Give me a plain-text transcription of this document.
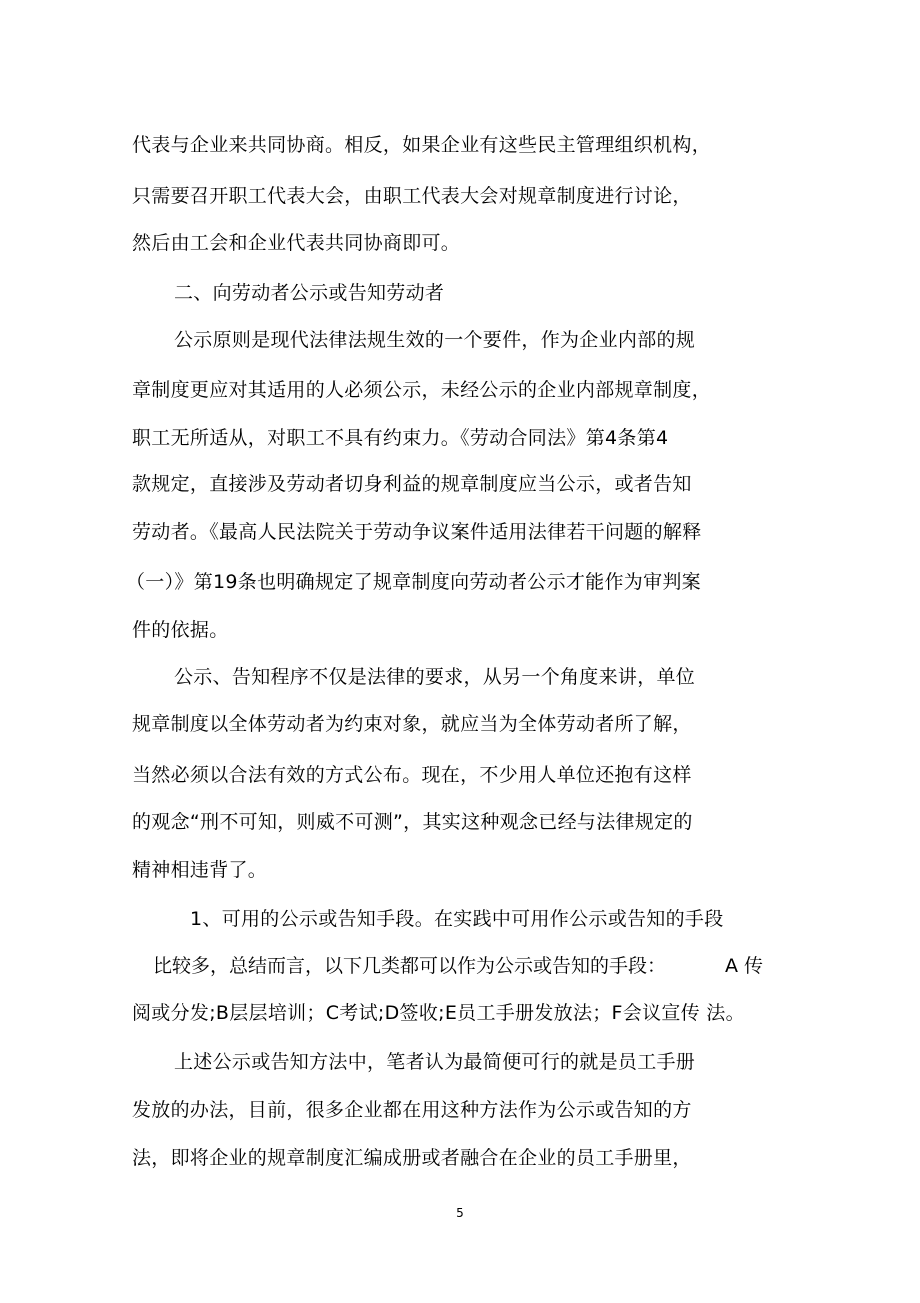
代表与企业来共同协商。相反，如果企业有这些民主管理组织机构，
只需要召开职工代表大会，由职工代表大会对规章制度进行讨论，
然后由工会和企业代表共同协商即可。
二、向劳动者公示或告知劳动者
公示原则是现代法律法规生效的一个要件，作为企业内部的规
章制度更应对其适用的人必须公示，未经公示的企业内部规章制度，
职工无所适从，对职工不具有约束力。《劳动合同法》第4条第4
款规定，直接涉及劳动者切身利益的规章制度应当公示，或者告知
劳动者。《最高人民法院关于劳动争议案件适用法律若干问题的解释
（一）》第19条也明确规定了规章制度向劳动者公示才能作为审判案
件的依据。
公示、告知程序不仅是法律的要求，从另一个角度来讲，单位
规章制度以全体劳动者为约束对象，就应当为全体劳动者所了解，
当然必须以合法有效的方式公布。现在，不少用人单位还抱有这样
的观念“刑不可知，则威不可测”，其实这种观念已经与法律规定的
精神相违背了。
1、可用的公示或告知手段。在实践中可用作公示或告知的手段
比较多，总结而言，以下几类都可以作为公示或告知的手段：	A 传
阅或分发;B层层培训；C考试;D签收;E员工手册发放法；F会议宣传 法。
上述公示或告知方法中，笔者认为最简便可行的就是员工手册
发放的办法，目前，很多企业都在用这种方法作为公示或告知的方
法，即将企业的规章制度汇编成册或者融合在企业的员工手册里，
5
